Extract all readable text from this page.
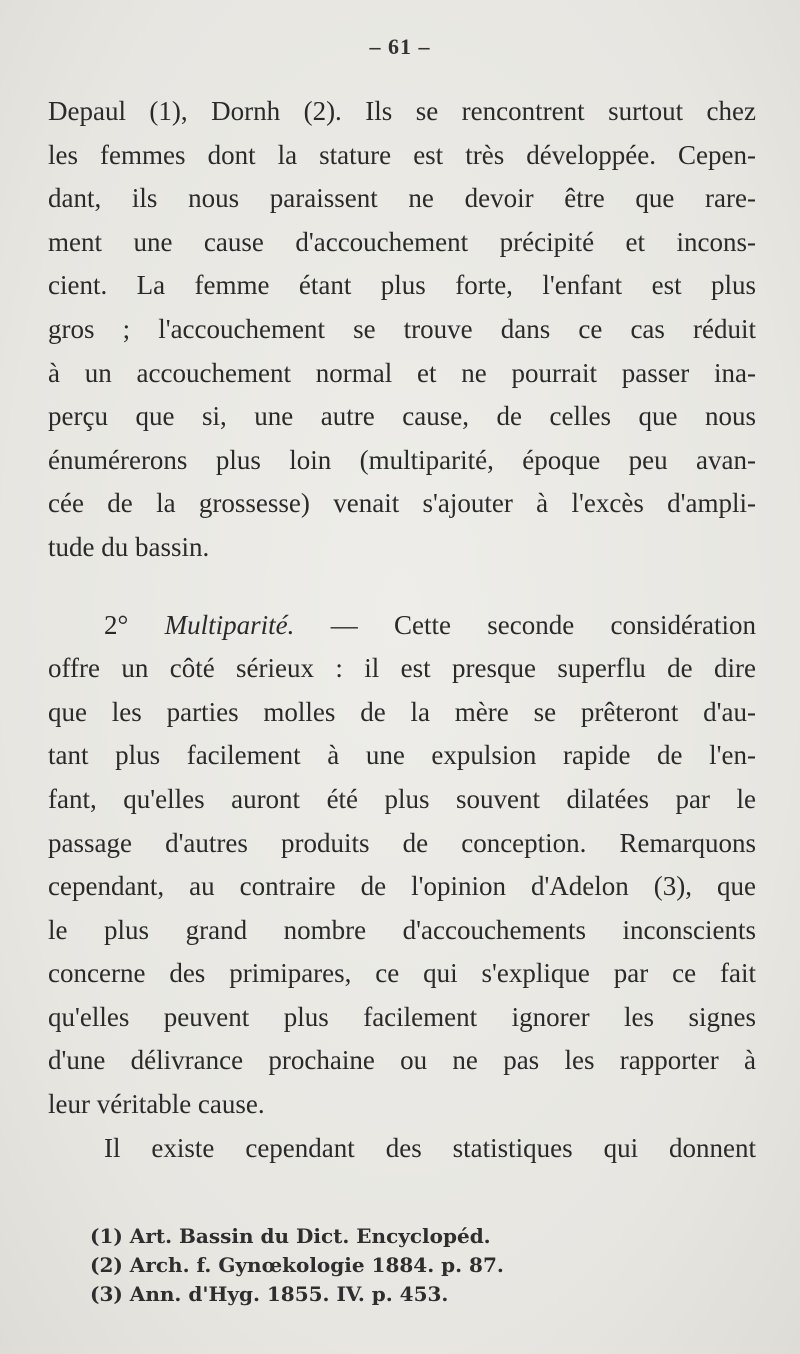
– 61 –
Depaul (1), Dornh (2). Ils se rencontrent surtout chez
les femmes dont la stature est très développée. Cepen-
dant, ils nous paraissent ne devoir être que rare-
ment une cause d'accouchement précipité et incons-
cient. La femme étant plus forte, l'enfant est plus
gros ; l'accouchement se trouve dans ce cas réduit
à un accouchement normal et ne pourrait passer ina-
perçu que si, une autre cause, de celles que nous
énumérerons plus loin (multiparité, époque peu avan-
cée de la grossesse) venait s'ajouter à l'excès d'ampli-
tude du bassin.
2° Multiparité. — Cette seconde considération
offre un côté sérieux : il est presque superflu de dire
que les parties molles de la mère se prêteront d'au-
tant plus facilement à une expulsion rapide de l'en-
fant, qu'elles auront été plus souvent dilatées par le
passage d'autres produits de conception. Remarquons
cependant, au contraire de l'opinion d'Adelon (3), que
le plus grand nombre d'accouchements inconscients
concerne des primipares, ce qui s'explique par ce fait
qu'elles peuvent plus facilement ignorer les signes
d'une délivrance prochaine ou ne pas les rapporter à
leur véritable cause.
Il existe cependant des statistiques qui donnent
(1) Art. Bassin du Dict. Encyclopéd.
(2) Arch. f. Gynœkologie 1884. p. 87.
(3) Ann. d'Hyg. 1855. IV. p. 453.
